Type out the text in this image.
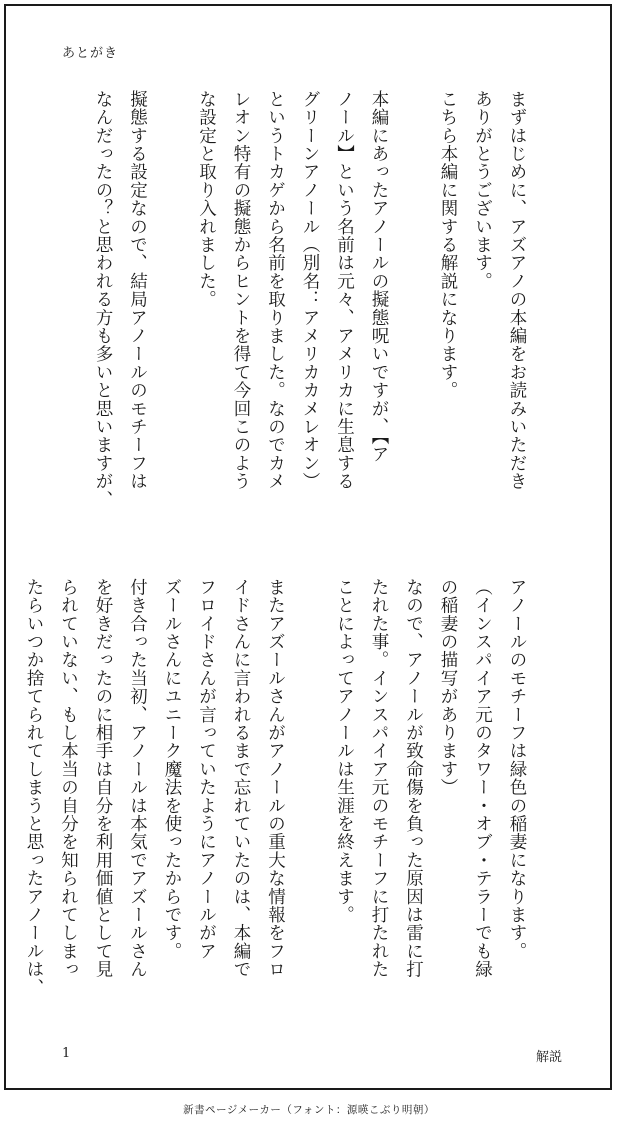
あとがき

まずはじめに、アズアノの本編をお読みいただき

ありがとうございます。

こちら本編に関する解説になります。

本編にあったアノールの擬態呪いですが、【ア

ノール】という名前は元々、アメリカに生息する

グリーンアノール（別名：アメリカカメレオン）

というトカゲから名前を取りました。なのでカメ

レオン特有の擬態からヒントを得て今回このよう

な設定と取り入れました。

擬態する設定なので、結局アノールのモチーフは

なんだったの？と思われる方も多いと思いますが、

アノールのモチーフは緑色の稲妻になります。

（インスパイア元のタワー・オブ・テラーでも緑

の稲妻の描写があります）

なので、アノールが致命傷を負った原因は雷に打

たれた事。インスパイア元のモチーフに打たれた

ことによってアノールは生涯を終えます。

またアズールさんがアノールの重大な情報をフロ

イドさんに言われるまで忘れていたのは、本編で

フロイドさんが言っていたようにアノールがア

ズールさんにユニーク魔法を使ったからです。

付き合った当初、アノールは本気でアズールさん

を好きだったのに相手は自分を利用価値として見

られていない、もし本当の自分を知られてしまっ

たらいつか捨てられてしまうと思ったアノールは、

1	解説
新書ページメーカー（フォント：源暎こぶり明朝）
